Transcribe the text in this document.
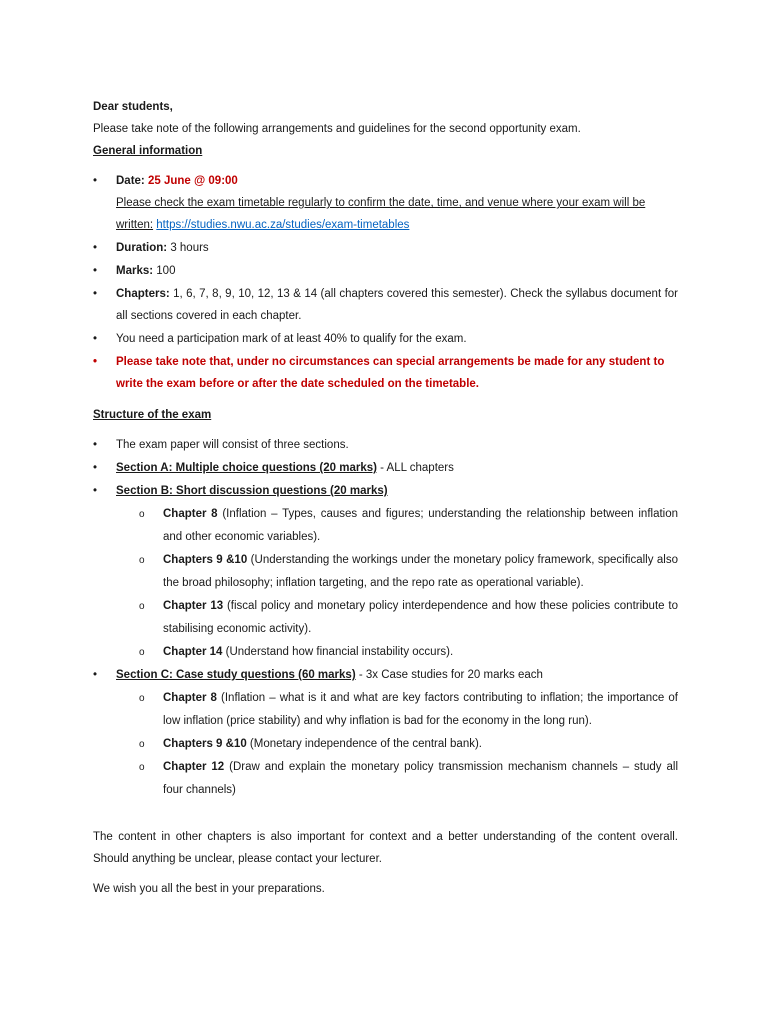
Dear students,

Please take note of the following arrangements and guidelines for the second opportunity exam.

General information

•	Date: 25 June @ 09:00
Please check the exam timetable regularly to confirm the date, time, and venue where your exam will be written: https://studies.nwu.ac.za/studies/exam-timetables
•	Duration: 3 hours
•	Marks: 100
•	Chapters: 1, 6, 7, 8, 9, 10, 12, 13 & 14 (all chapters covered this semester). Check the syllabus document for all sections covered in each chapter.
•	You need a participation mark of at least 40% to qualify for the exam.
•	Please take note that, under no circumstances can special arrangements be made for any student to write the exam before or after the date scheduled on the timetable.

Structure of the exam

•	The exam paper will consist of three sections.
•	Section A: Multiple choice questions (20 marks) - ALL chapters
•	Section B: Short discussion questions (20 marks)
o Chapter 8 (Inflation – Types, causes and figures; understanding the relationship between inflation and other economic variables).
o Chapters 9 &10 (Understanding the workings under the monetary policy framework, specifically also the broad philosophy; inflation targeting, and the repo rate as operational variable).
o Chapter 13 (fiscal policy and monetary policy interdependence and how these policies contribute to stabilising economic activity).
o Chapter 14 (Understand how financial instability occurs).
•	Section C: Case study questions (60 marks) - 3x Case studies for 20 marks each
o Chapter 8 (Inflation – what is it and what are key factors contributing to inflation; the importance of low inflation (price stability) and why inflation is bad for the economy in the long run).
o Chapters 9 &10 (Monetary independence of the central bank).
o Chapter 12 (Draw and explain the monetary policy transmission mechanism channels – study all four channels)

The content in other chapters is also important for context and a better understanding of the content overall. Should anything be unclear, please contact your lecturer.

We wish you all the best in your preparations.
